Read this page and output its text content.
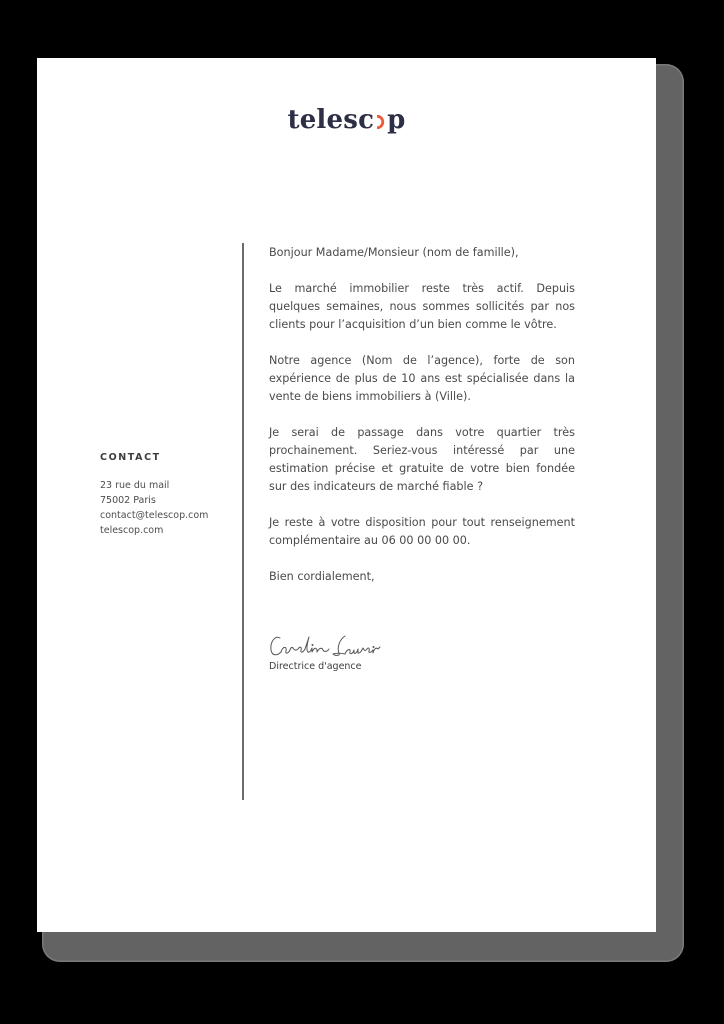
telesc p
CONTACT
23 rue du mail
75002 Paris
contact@telescop.com
telescop.com

Bonjour Madame/Monsieur (nom de famille),

Le marché immobilier reste très actif. Depuis quelques semaines, nous sommes sollicités par nos clients pour l’acquisition d’un bien comme le vôtre.

Notre agence (Nom de l’agence), forte de son expérience de plus de 10 ans est spécialisée dans la vente de biens immobiliers à (Ville).

Je serai de passage dans votre quartier très prochainement. Seriez-vous intéressé par une estimation précise et gratuite de votre bien fondée sur des indicateurs de marché fiable ?

Je reste à votre disposition pour tout renseignement complémentaire au 06 00 00 00 00.

Bien cordialement,

Directrice d'agence
